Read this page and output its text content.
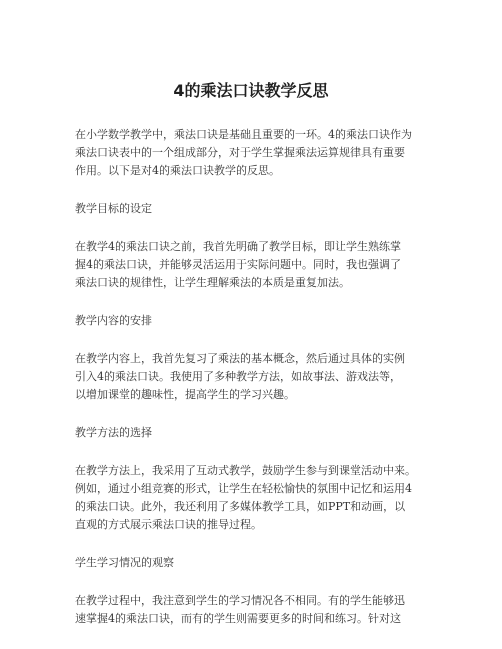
4的乘法口诀教学反思
在小学数学教学中，乘法口诀是基础且重要的一环。4的乘法口诀作为
乘法口诀表中的一个组成部分，对于学生掌握乘法运算规律具有重要
作用。以下是对4的乘法口诀教学的反思。
教学目标的设定
在教学4的乘法口诀之前，我首先明确了教学目标，即让学生熟练掌
握4的乘法口诀，并能够灵活运用于实际问题中。同时，我也强调了
乘法口诀的规律性，让学生理解乘法的本质是重复加法。
教学内容的安排
在教学内容上，我首先复习了乘法的基本概念，然后通过具体的实例
引入4的乘法口诀。我使用了多种教学方法，如故事法、游戏法等，
以增加课堂的趣味性，提高学生的学习兴趣。
教学方法的选择
在教学方法上，我采用了互动式教学，鼓励学生参与到课堂活动中来。
例如，通过小组竞赛的形式，让学生在轻松愉快的氛围中记忆和运用4
的乘法口诀。此外，我还利用了多媒体教学工具，如PPT和动画，以
直观的方式展示乘法口诀的推导过程。
学生学习情况的观察
在教学过程中，我注意到学生的学习情况各不相同。有的学生能够迅
速掌握4的乘法口诀，而有的学生则需要更多的时间和练习。针对这
